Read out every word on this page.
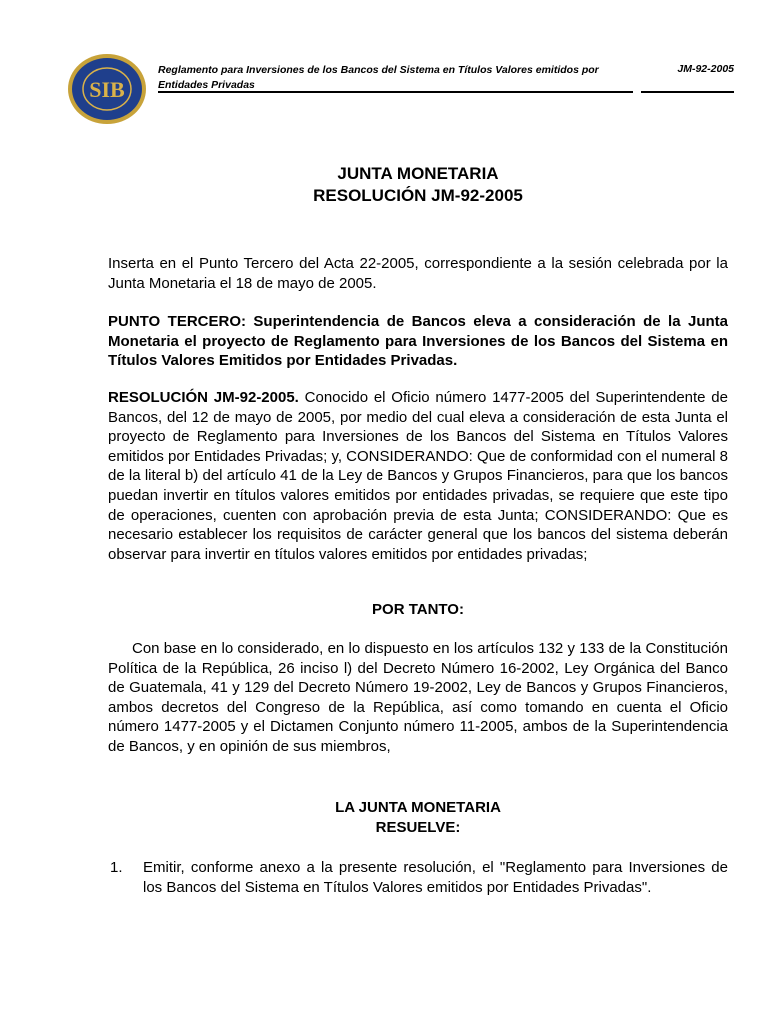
SIB
Reglamento para Inversiones de los Bancos del Sistema en Títulos Valores emitidos por Entidades Privadas
JM-92-2005
JUNTA MONETARIA
RESOLUCIÓN JM-92-2005
Inserta en el Punto Tercero del Acta 22-2005, correspondiente a la sesión celebrada por la Junta Monetaria el 18 de mayo de 2005.
PUNTO TERCERO: Superintendencia de Bancos eleva a consideración de la Junta Monetaria el proyecto de Reglamento para Inversiones de los Bancos del Sistema en Títulos Valores Emitidos por Entidades Privadas.
RESOLUCIÓN JM-92-2005. Conocido el Oficio número 1477-2005 del Superintendente de Bancos, del 12 de mayo de 2005, por medio del cual eleva a consideración de esta Junta el proyecto de Reglamento para Inversiones de los Bancos del Sistema en Títulos Valores emitidos por Entidades Privadas; y, CONSIDERANDO: Que de conformidad con el numeral 8 de la literal b) del artículo 41 de la Ley de Bancos y Grupos Financieros, para que los bancos puedan invertir en títulos valores emitidos por entidades privadas, se requiere que este tipo de operaciones, cuenten con aprobación previa de esta Junta; CONSIDERANDO: Que es necesario establecer los requisitos de carácter general que los bancos del sistema deberán observar para invertir en títulos valores emitidos por entidades privadas;
POR TANTO:
Con base en lo considerado, en lo dispuesto en los artículos 132 y 133 de la Constitución Política de la República, 26 inciso l) del Decreto Número 16-2002, Ley Orgánica del Banco de Guatemala, 41 y 129 del Decreto Número 19-2002, Ley de Bancos y Grupos Financieros, ambos decretos del Congreso de la República, así como tomando en cuenta el Oficio número 1477-2005 y el Dictamen Conjunto número 11-2005, ambos de la Superintendencia de Bancos, y en opinión de sus miembros,
LA JUNTA MONETARIA
RESUELVE:
1. Emitir, conforme anexo a la presente resolución, el "Reglamento para Inversiones de los Bancos del Sistema en Títulos Valores emitidos por Entidades Privadas".
